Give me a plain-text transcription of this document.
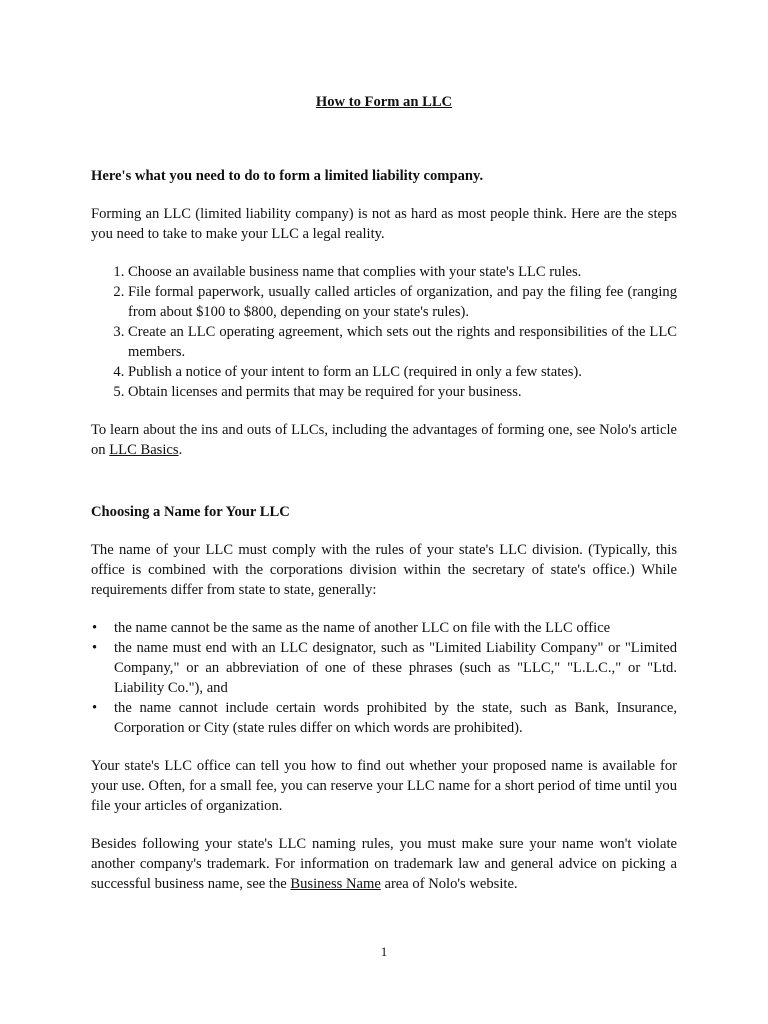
How to Form an LLC

Here's what you need to do to form a limited liability company.

Forming an LLC (limited liability company) is not as hard as most people think. Here are the steps you need to take to make your LLC a legal reality.

1. Choose an available business name that complies with your state's LLC rules.
2. File formal paperwork, usually called articles of organization, and pay the filing fee (ranging from about $100 to $800, depending on your state's rules).
3. Create an LLC operating agreement, which sets out the rights and responsibilities of the LLC members.
4. Publish a notice of your intent to form an LLC (required in only a few states).
5. Obtain licenses and permits that may be required for your business.

To learn about the ins and outs of LLCs, including the advantages of forming one, see Nolo's article on LLC Basics.

Choosing a Name for Your LLC

The name of your LLC must comply with the rules of your state's LLC division. (Typically, this office is combined with the corporations division within the secretary of state's office.) While requirements differ from state to state, generally:

• the name cannot be the same as the name of another LLC on file with the LLC office
• the name must end with an LLC designator, such as "Limited Liability Company" or "Limited Company," or an abbreviation of one of these phrases (such as "LLC," "L.L.C.," or "Ltd. Liability Co."), and
• the name cannot include certain words prohibited by the state, such as Bank, Insurance, Corporation or City (state rules differ on which words are prohibited).

Your state's LLC office can tell you how to find out whether your proposed name is available for your use. Often, for a small fee, you can reserve your LLC name for a short period of time until you file your articles of organization.

Besides following your state's LLC naming rules, you must make sure your name won't violate another company's trademark. For information on trademark law and general advice on picking a successful business name, see the Business Name area of Nolo's website.

1
